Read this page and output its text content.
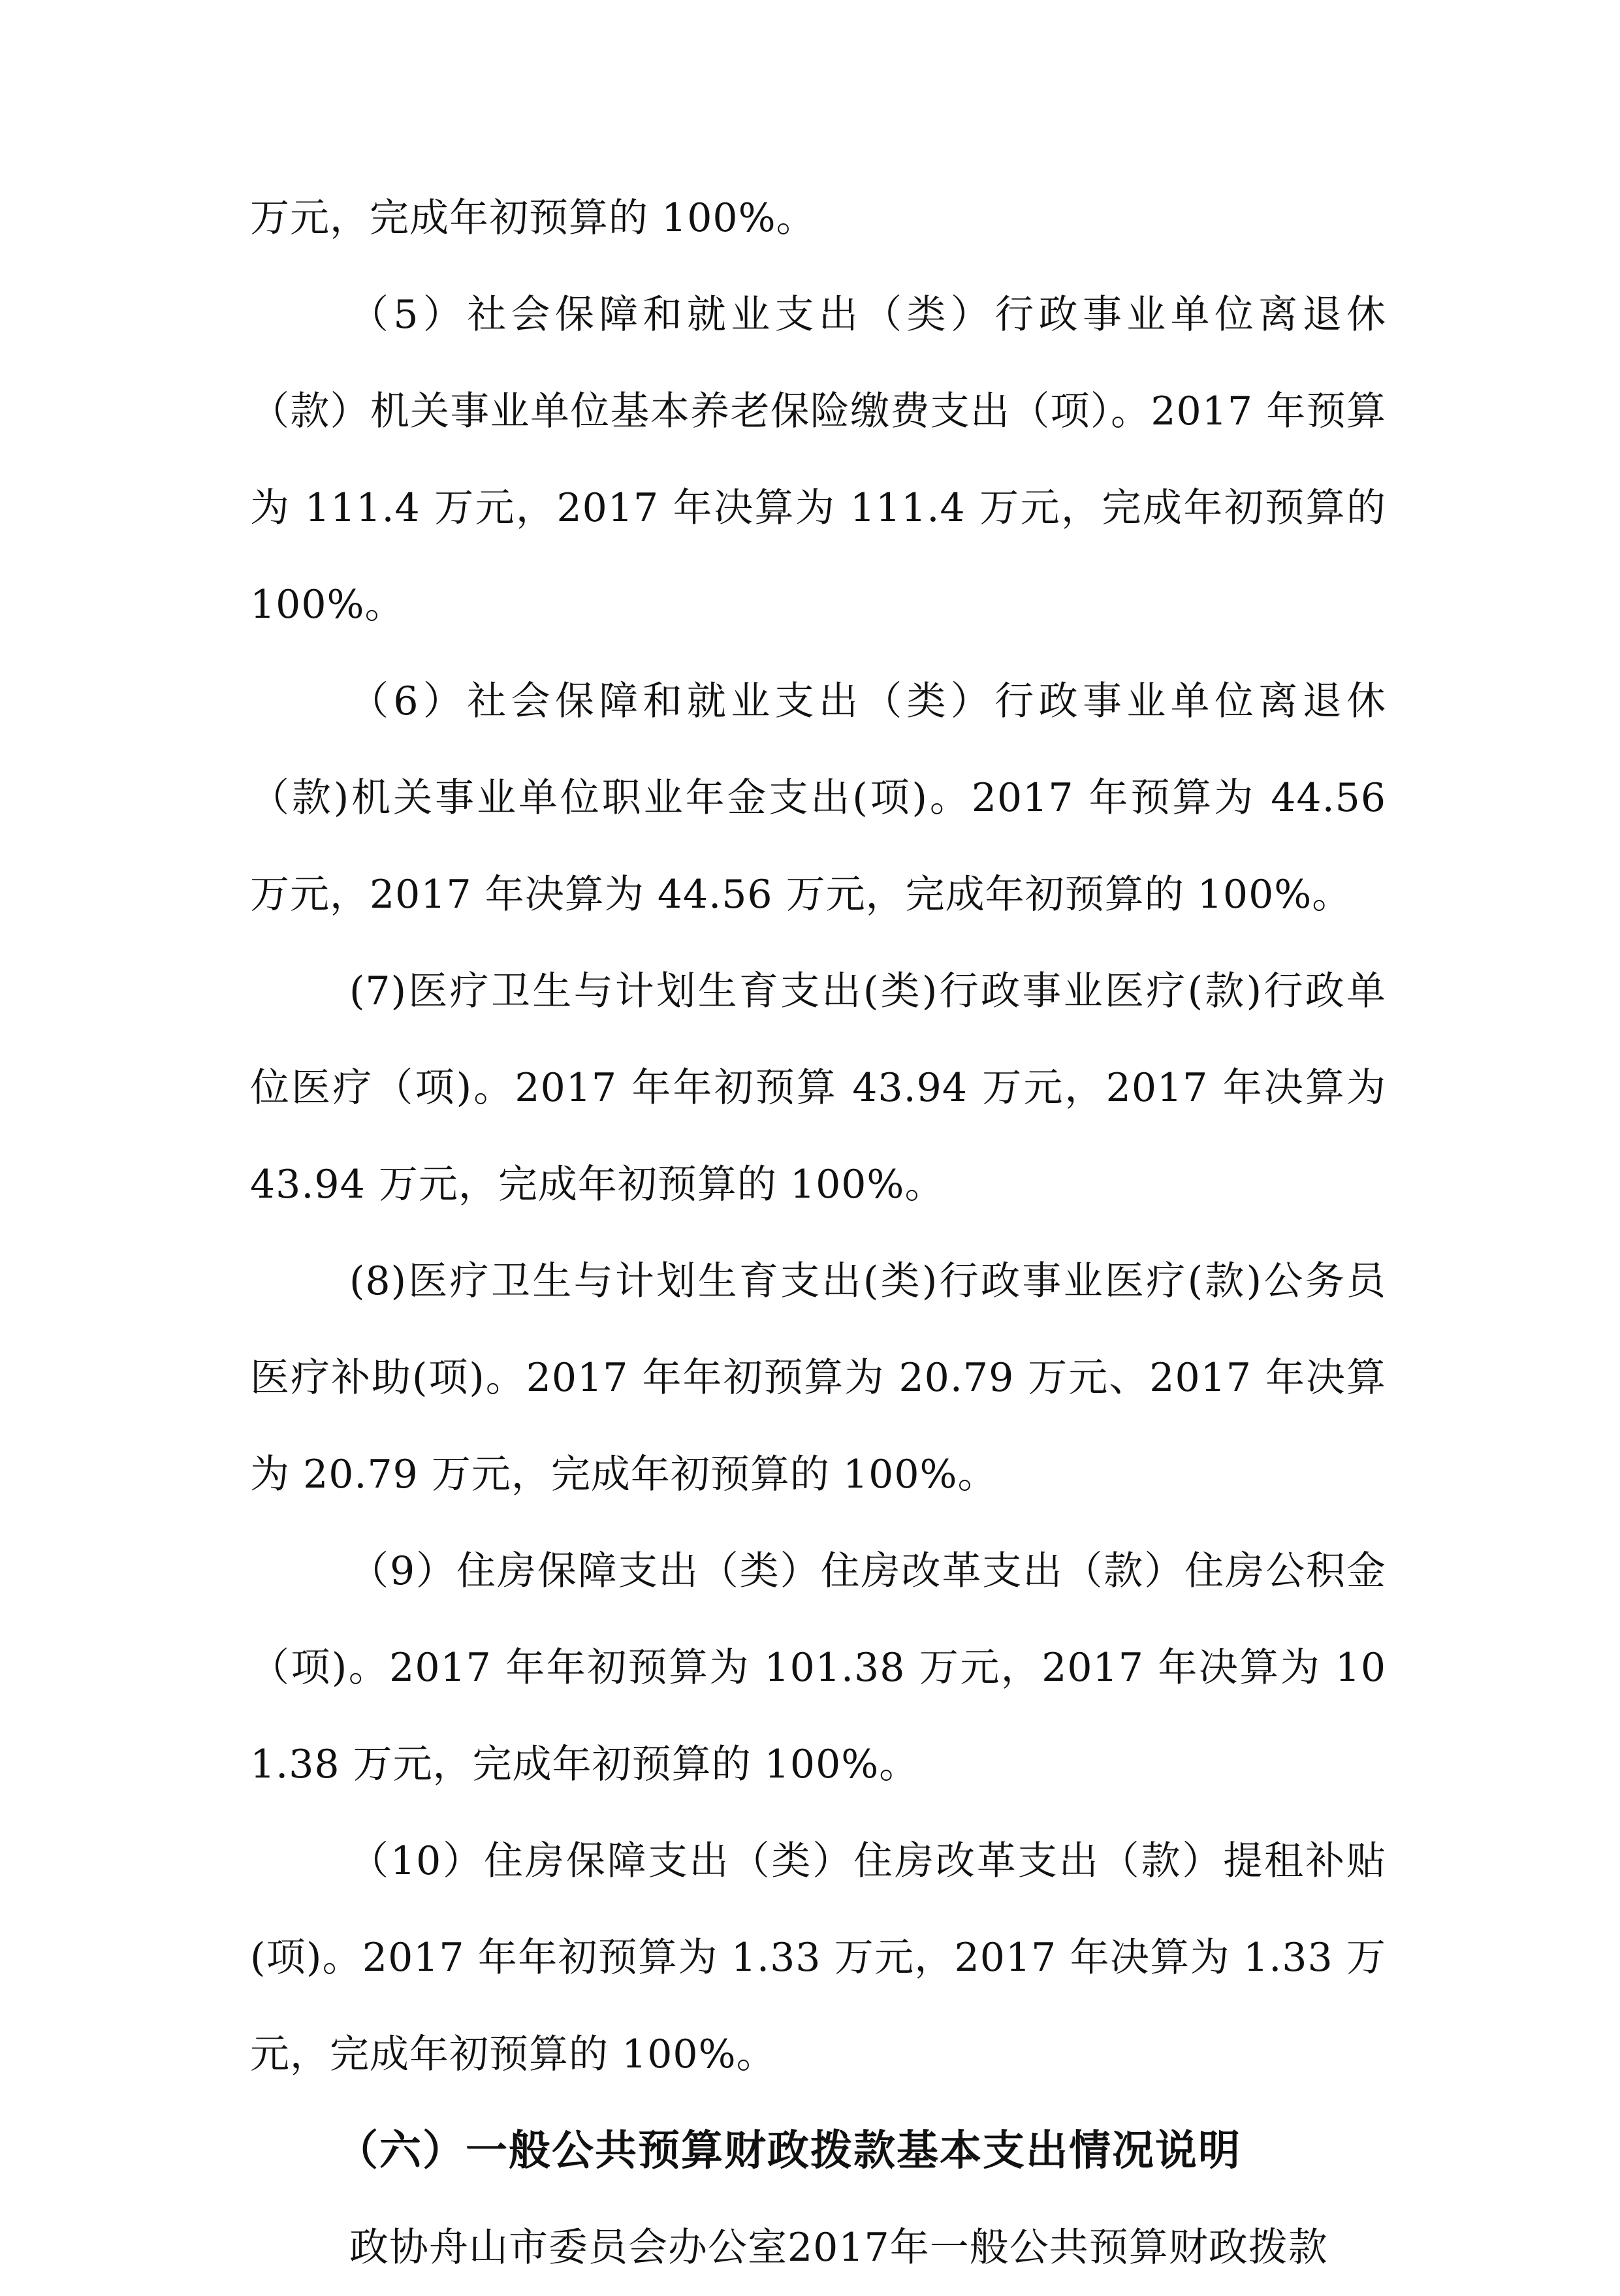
万元，完成年初预算的 100%。

（5）社会保障和就业支出（类）行政事业单位离退休（款）机关事业单位基本养老保险缴费支出（项）。2017 年预算为 111.4 万元，2017 年决算为 111.4 万元，完成年初预算的 100%。

（6）社会保障和就业支出（类）行政事业单位离退休（款)机关事业单位职业年金支出(项)。2017 年预算为 44.56 万元，2017 年决算为 44.56 万元，完成年初预算的 100%。

(7)医疗卫生与计划生育支出(类)行政事业医疗(款)行政单位医疗（项)。2017 年年初预算 43.94 万元，2017 年决算为 43.94 万元，完成年初预算的 100%。

(8)医疗卫生与计划生育支出(类)行政事业医疗(款)公务员医疗补助(项)。2017 年年初预算为 20.79 万元、2017 年决算为 20.79 万元，完成年初预算的 100%。

（9）住房保障支出（类）住房改革支出（款）住房公积金（项)。2017 年年初预算为 101.38 万元，2017 年决算为 101.38 万元，完成年初预算的 100%。

（10）住房保障支出（类）住房改革支出（款）提租补贴(项)。2017 年年初预算为 1.33 万元，2017 年决算为 1.33 万元，完成年初预算的 100%。

（六）一般公共预算财政拨款基本支出情况说明

政协舟山市委员会办公室2017年一般公共预算财政拨款
